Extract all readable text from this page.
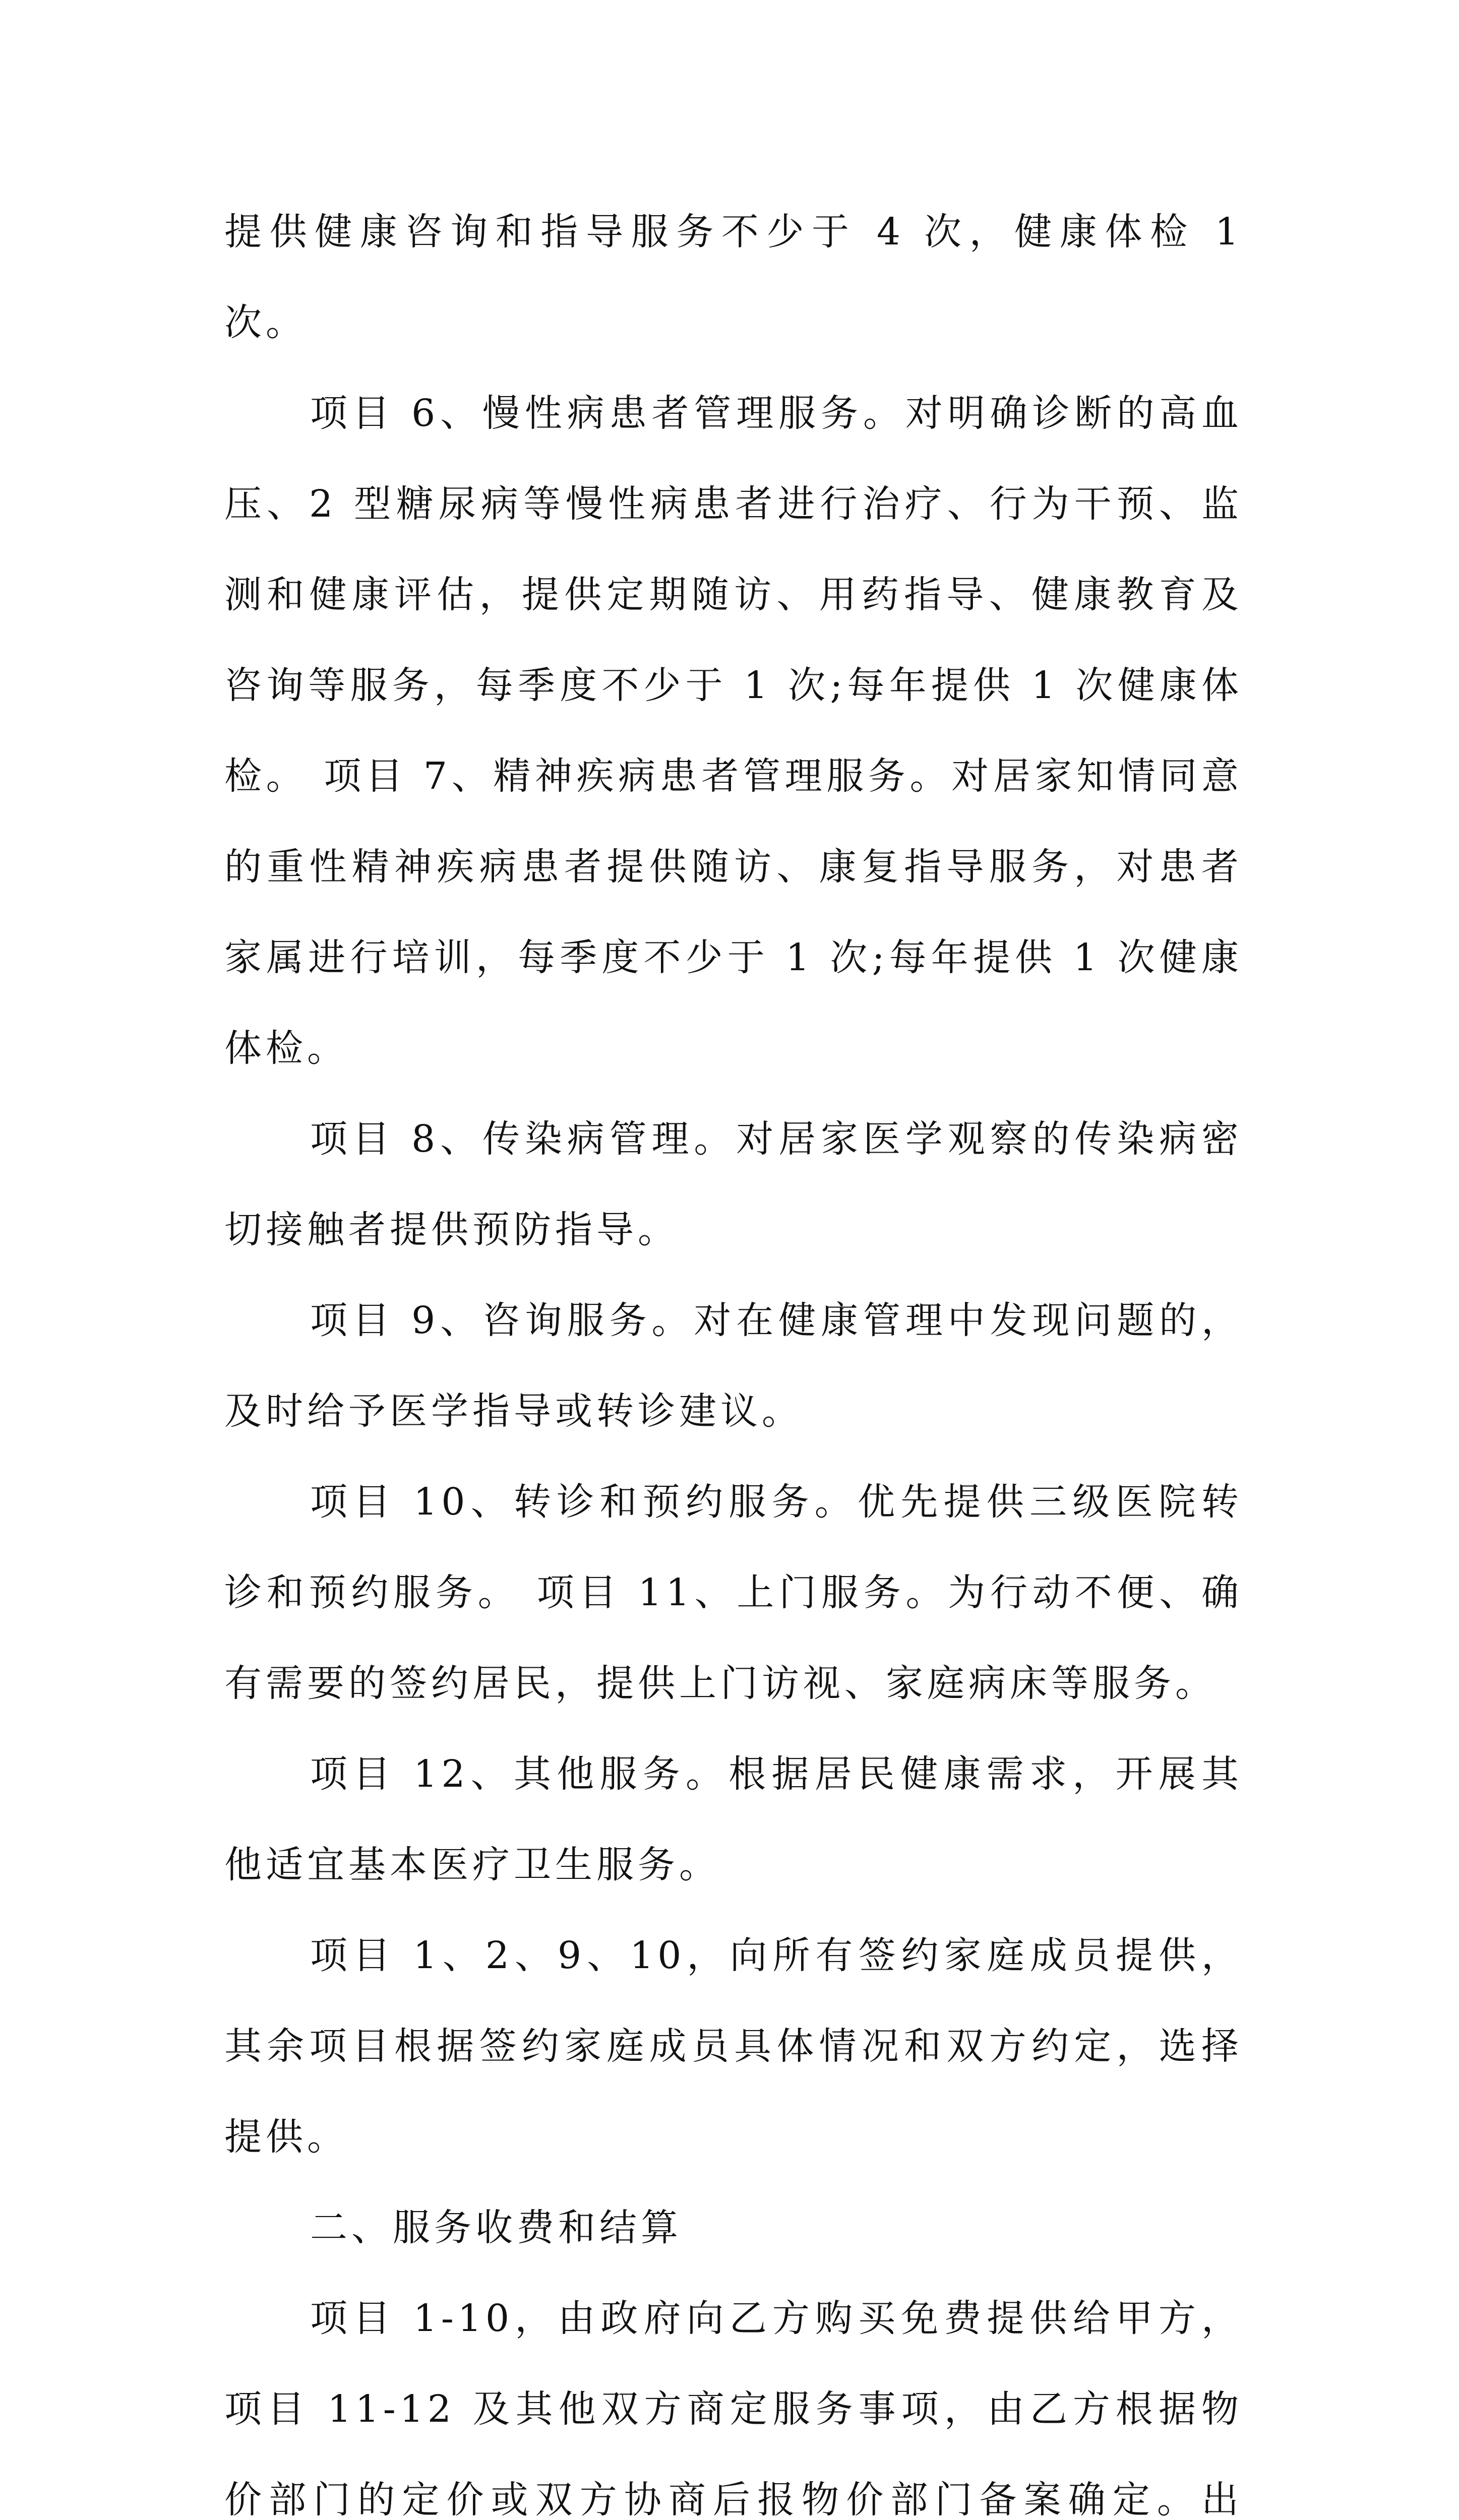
提供健康咨询和指导服务不少于 4 次，健康体检 1 次。

项目 6、慢性病患者管理服务。对明确诊断的高血压、2 型糖尿病等慢性病患者进行治疗、行为干预、监测和健康评估，提供定期随访、用药指导、健康教育及咨询等服务，每季度不少于 1 次;每年提供 1 次健康体检。 项目 7、精神疾病患者管理服务。对居家知情同意的重性精神疾病患者提供随访、康复指导服务，对患者家属进行培训，每季度不少于 1 次;每年提供 1 次健康体检。

项目 8、传染病管理。对居家医学观察的传染病密切接触者提供预防指导。

项目 9、咨询服务。对在健康管理中发现问题的，及时给予医学指导或转诊建议。

项目 10、转诊和预约服务。优先提供三级医院转诊和预约服务。 项目 11、上门服务。为行动不便、确有需要的签约居民，提供上门访视、家庭病床等服务。

项目 12、其他服务。根据居民健康需求，开展其他适宜基本医疗卫生服务。

项目 1、2、9、10，向所有签约家庭成员提供，其余项目根据签约家庭成员具体情况和双方约定，选择提供。

二、服务收费和结算

项目 1-10，由政府向乙方购买免费提供给甲方，项目 11-12 及其他双方商定服务事项，由乙方根据物价部门的定价或双方协商后报物价部门备案确定。出
